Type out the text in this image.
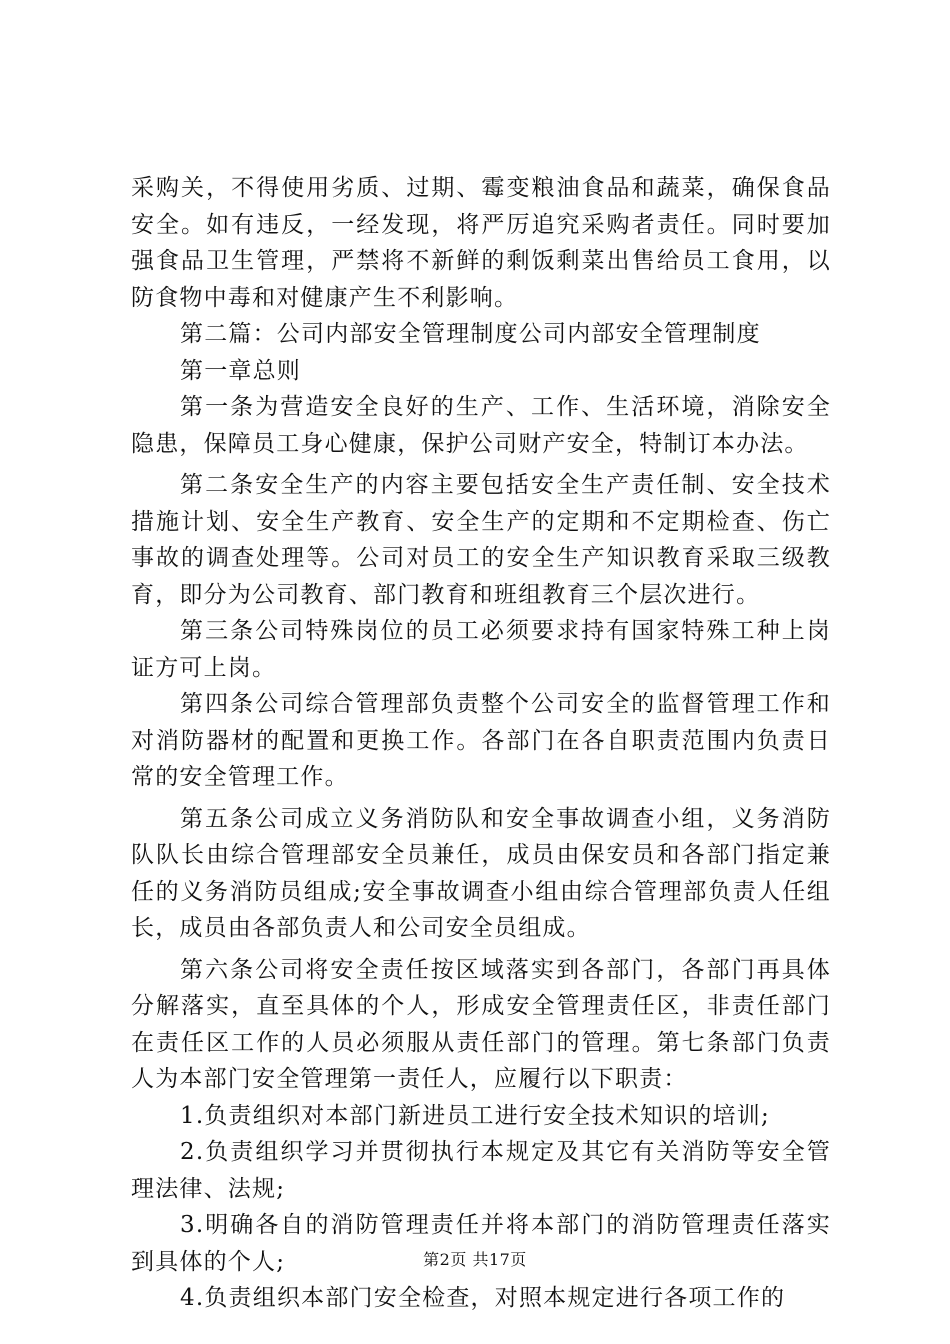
采购关，不得使用劣质、过期、霉变粮油食品和蔬菜，确保食品安全。如有违反，一经发现，将严厉追究采购者责任。同时要加强食品卫生管理，严禁将不新鲜的剩饭剩菜出售给员工食用，以防食物中毒和对健康产生不利影响。

第二篇：公司内部安全管理制度公司内部安全管理制度

第一章总则

第一条为营造安全良好的生产、工作、生活环境，消除安全隐患，保障员工身心健康，保护公司财产安全，特制订本办法。

第二条安全生产的内容主要包括安全生产责任制、安全技术措施计划、安全生产教育、安全生产的定期和不定期检查、伤亡事故的调查处理等。公司对员工的安全生产知识教育采取三级教育，即分为公司教育、部门教育和班组教育三个层次进行。

第三条公司特殊岗位的员工必须要求持有国家特殊工种上岗证方可上岗。

第四条公司综合管理部负责整个公司安全的监督管理工作和对消防器材的配置和更换工作。各部门在各自职责范围内负责日常的安全管理工作。

第五条公司成立义务消防队和安全事故调查小组，义务消防队队长由综合管理部安全员兼任，成员由保安员和各部门指定兼任的义务消防员组成;安全事故调查小组由综合管理部负责人任组长，成员由各部负责人和公司安全员组成。

第六条公司将安全责任按区域落实到各部门，各部门再具体分解落实，直至具体的个人，形成安全管理责任区，非责任部门在责任区工作的人员必须服从责任部门的管理。第七条部门负责人为本部门安全管理第一责任人，应履行以下职责：

1.负责组织对本部门新进员工进行安全技术知识的培训;

2.负责组织学习并贯彻执行本规定及其它有关消防等安全管理法律、法规;

3.明确各自的消防管理责任并将本部门的消防管理责任落实到具体的个人;

4.负责组织本部门安全检查，对照本规定进行各项工作的

第2页 共17页
